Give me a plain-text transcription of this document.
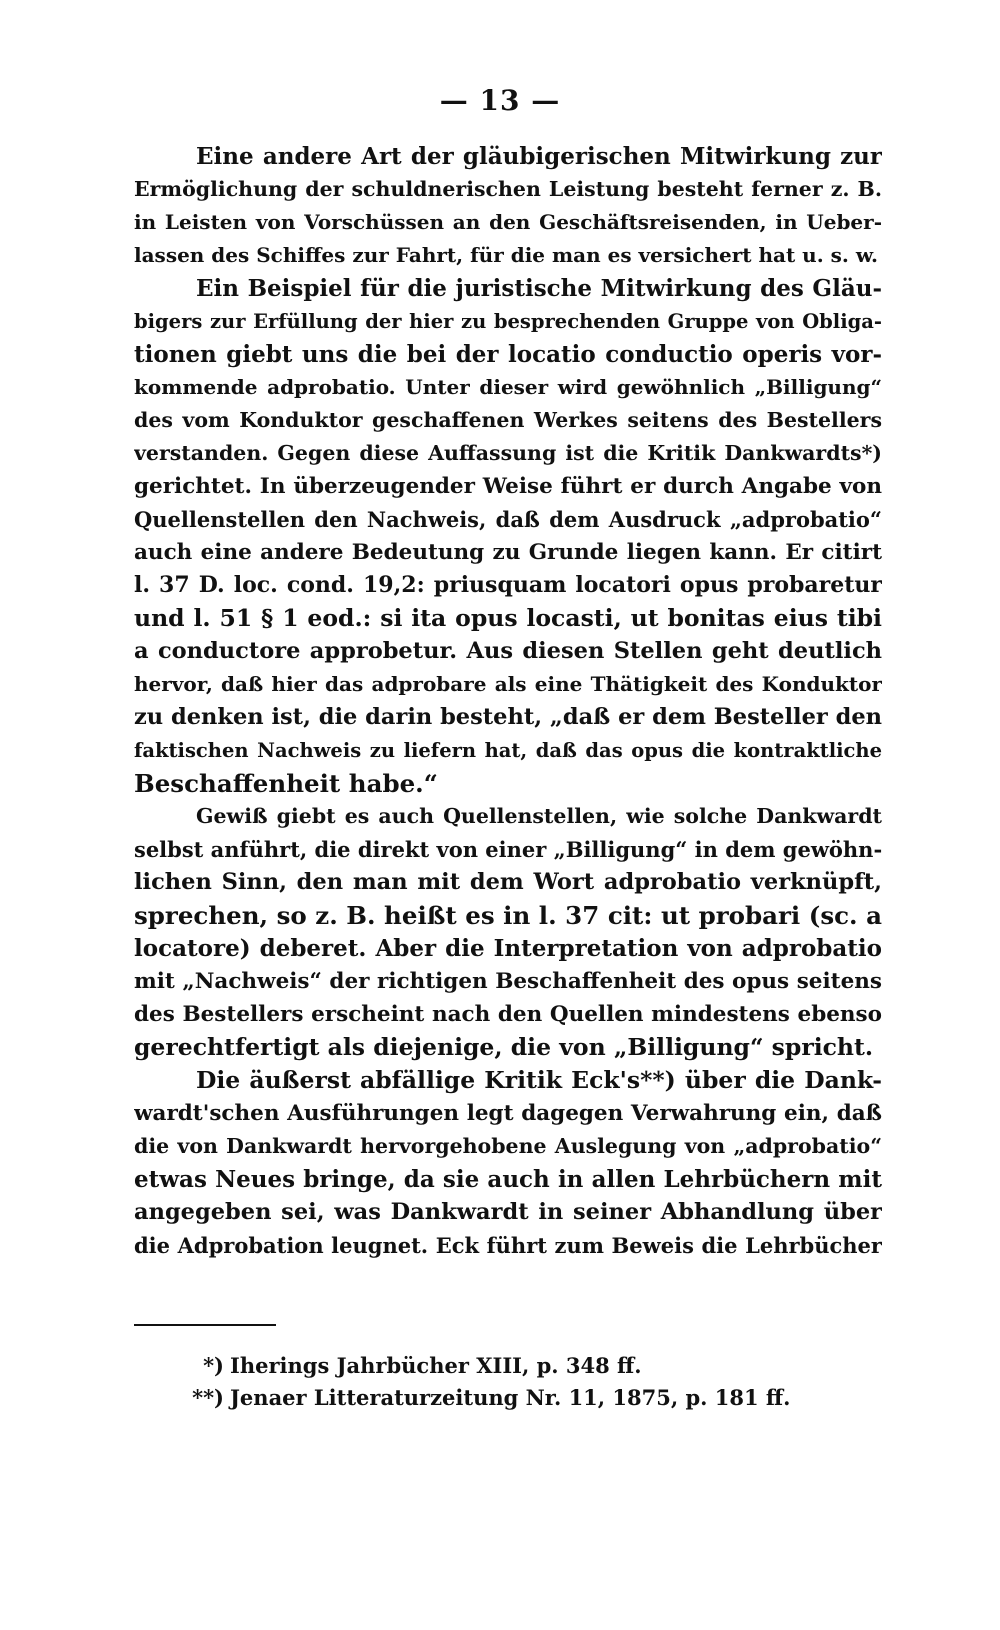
— 13 —
Eine andere Art der gläubigerischen Mitwirkung zur
Ermöglichung der schuldnerischen Leistung besteht ferner z. B.
in Leisten von Vorschüssen an den Geschäftsreisenden, in Ueber-
lassen des Schiffes zur Fahrt, für die man es versichert hat u. s. w.
Ein Beispiel für die juristische Mitwirkung des Gläu-
bigers zur Erfüllung der hier zu besprechenden Gruppe von Obliga-
tionen giebt uns die bei der locatio conductio operis vor-
kommende adprobatio. Unter dieser wird gewöhnlich „Billigung“
des vom Konduktor geschaffenen Werkes seitens des Bestellers
verstanden. Gegen diese Auffassung ist die Kritik Dankwardts*)
gerichtet. In überzeugender Weise führt er durch Angabe von
Quellenstellen den Nachweis, daß dem Ausdruck „adprobatio“
auch eine andere Bedeutung zu Grunde liegen kann. Er citirt
l. 37 D. loc. cond. 19,2: priusquam locatori opus probaretur
und l. 51 § 1 eod.: si ita opus locasti, ut bonitas eius tibi
a conductore approbetur. Aus diesen Stellen geht deutlich
hervor, daß hier das adprobare als eine Thätigkeit des Konduktor
zu denken ist, die darin besteht, „daß er dem Besteller den
faktischen Nachweis zu liefern hat, daß das opus die kontraktliche
Beschaffenheit habe.“
Gewiß giebt es auch Quellenstellen, wie solche Dankwardt
selbst anführt, die direkt von einer „Billigung“ in dem gewöhn-
lichen Sinn, den man mit dem Wort adprobatio verknüpft,
sprechen, so z. B. heißt es in l. 37 cit: ut probari (sc. a
locatore) deberet. Aber die Interpretation von adprobatio
mit „Nachweis“ der richtigen Beschaffenheit des opus seitens
des Bestellers erscheint nach den Quellen mindestens ebenso
gerechtfertigt als diejenige, die von „Billigung“ spricht.
Die äußerst abfällige Kritik Eck's**) über die Dank-
wardt'schen Ausführungen legt dagegen Verwahrung ein, daß
die von Dankwardt hervorgehobene Auslegung von „adprobatio“
etwas Neues bringe, da sie auch in allen Lehrbüchern mit
angegeben sei, was Dankwardt in seiner Abhandlung über
die Adprobation leugnet. Eck führt zum Beweis die Lehrbücher
*) Iherings Jahrbücher XIII, p. 348 ff.
**) Jenaer Litteraturzeitung Nr. 11, 1875, p. 181 ff.
